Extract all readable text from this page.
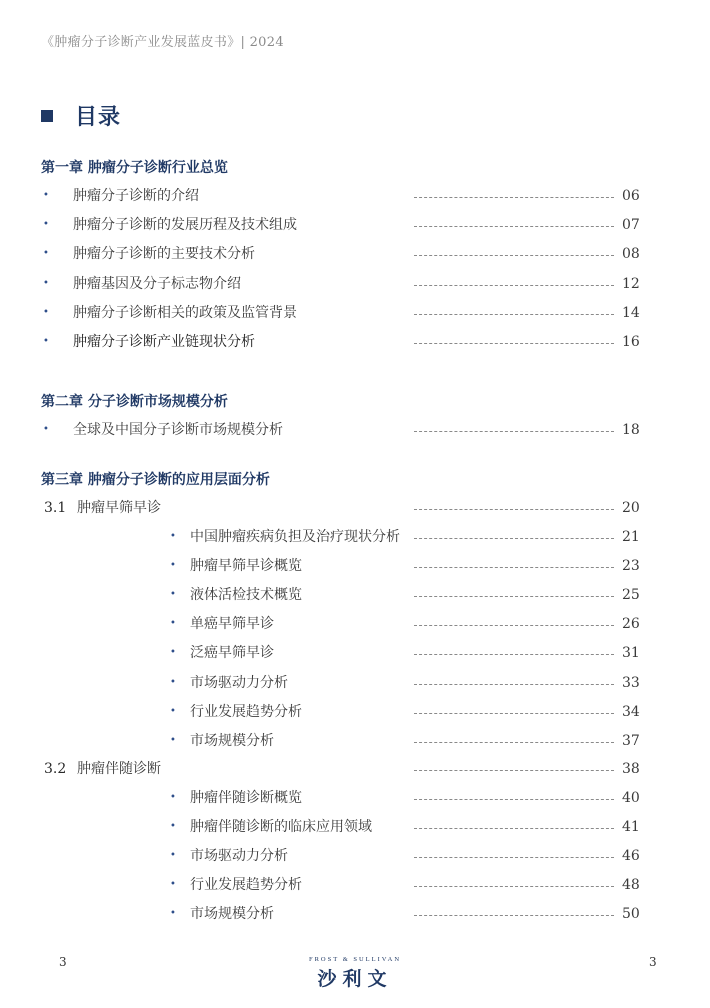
《肿瘤分子诊断产业发展蓝皮书》| 2024
目录
第一章 肿瘤分子诊断行业总览
• 肿瘤分子诊断的介绍	06
• 肿瘤分子诊断的发展历程及技术组成	07
• 肿瘤分子诊断的主要技术分析	08
• 肿瘤基因及分子标志物介绍	12
• 肿瘤分子诊断相关的政策及监管背景	14
• 肿瘤分子诊断产业链现状分析	16
第二章 分子诊断市场规模分析
• 全球及中国分子诊断市场规模分析	18
第三章 肿瘤分子诊断的应用层面分析
3.1 肿瘤早筛早诊	20
• 中国肿瘤疾病负担及治疗现状分析	21
• 肿瘤早筛早诊概览	23
• 液体活检技术概览	25
• 单癌早筛早诊	26
• 泛癌早筛早诊	31
• 市场驱动力分析	33
• 行业发展趋势分析	34
• 市场规模分析	37
3.2 肿瘤伴随诊断	38
• 肿瘤伴随诊断概览	40
• 肿瘤伴随诊断的临床应用领域	41
• 市场驱动力分析	46
• 行业发展趋势分析	48
• 市场规模分析	50
3	FROST & SULLIVAN
沙利文
3
